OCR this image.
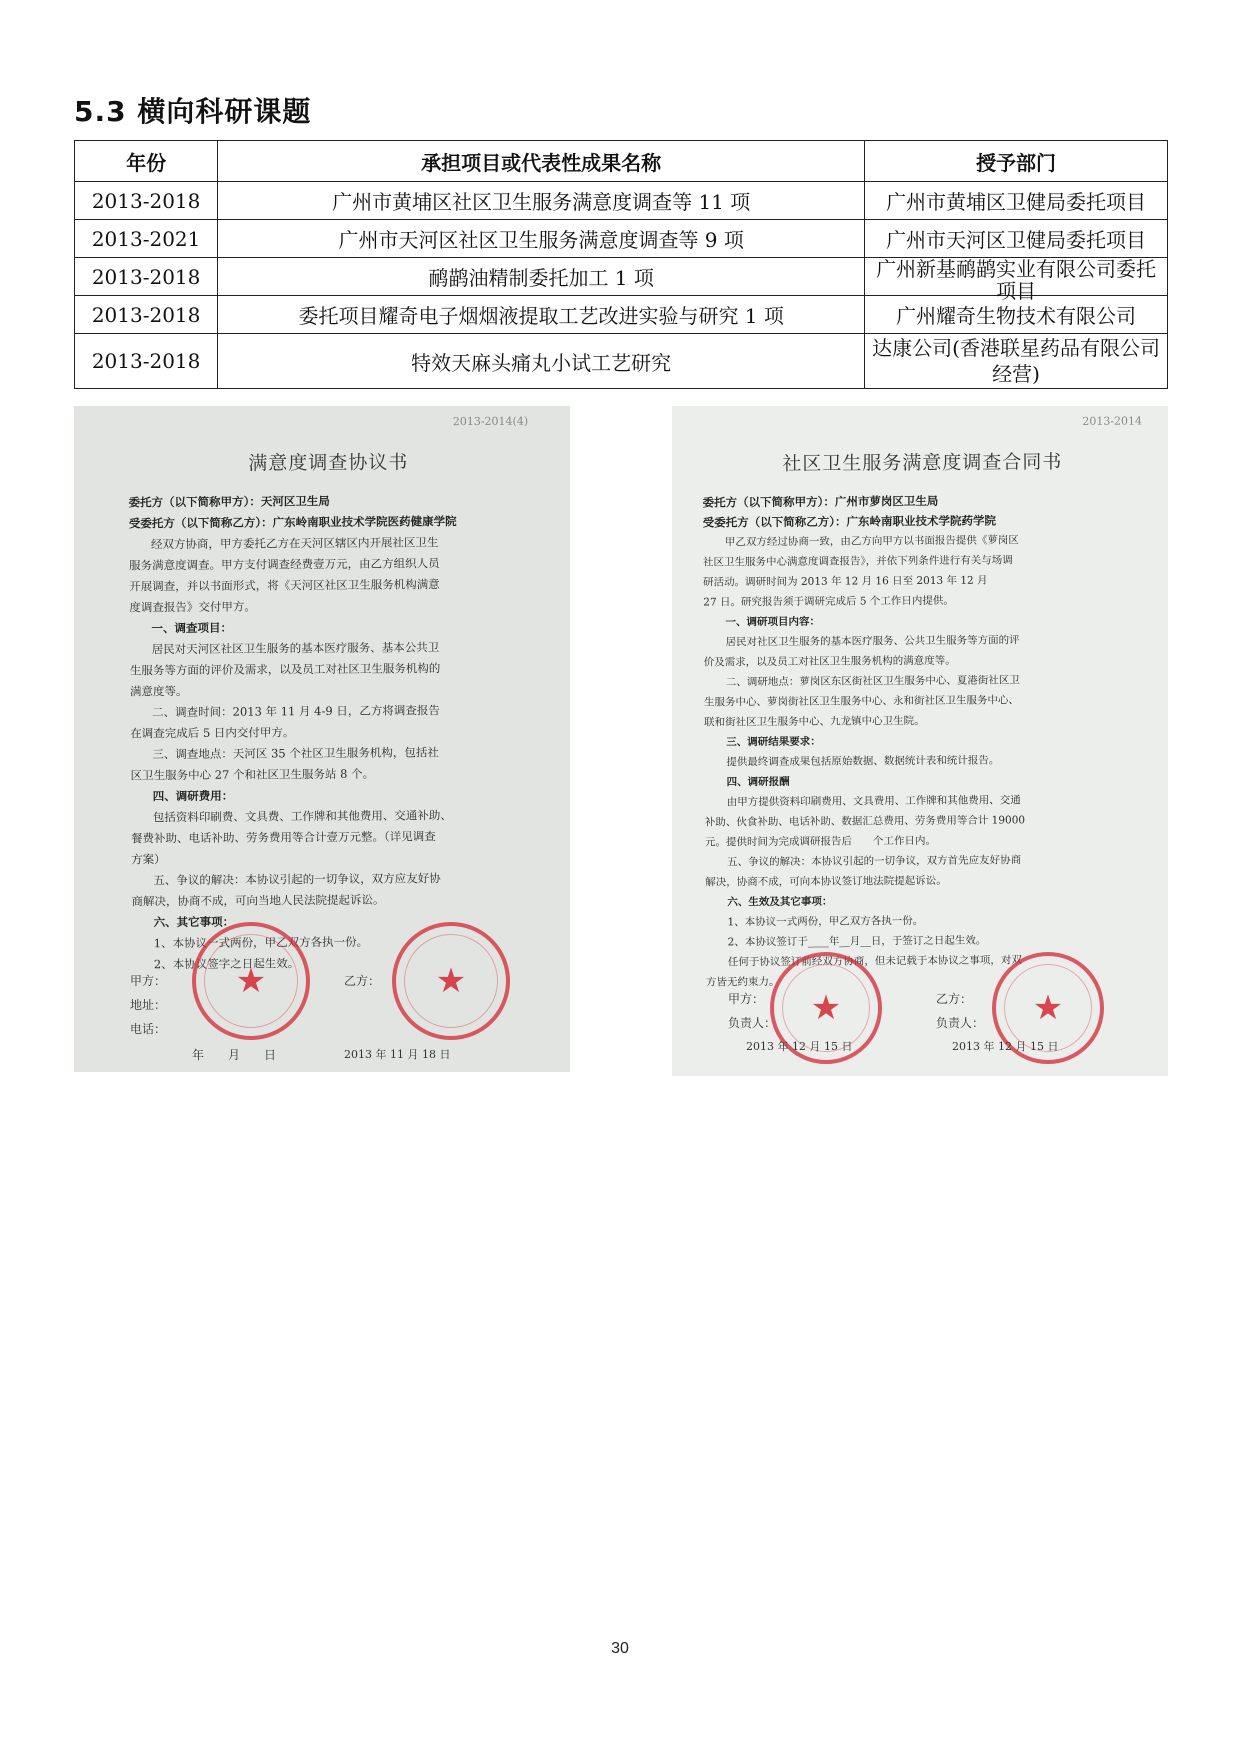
5.3 横向科研课题
年份	承担项目或代表性成果名称	授予部门
2013-2018	广州市黄埔区社区卫生服务满意度调查等 11 项	广州市黄埔区卫健局委托项目
2013-2021	广州市天河区社区卫生服务满意度调查等 9 项	广州市天河区卫健局委托项目
2013-2018	鸸鹋油精制委托加工 1 项	广州新基鸸鹋实业有限公司委托项目

2013-2018	委托项目耀奇电子烟烟液提取工艺改进实验与研究 1 项	广州耀奇生物技术有限公司
2013-2018	特效天麻头痛丸小试工艺研究	达康公司(香港联星药品有限公司经营)
2013-2014(4)
满意度调查协议书
委托方（以下简称甲方）：天河区卫生局
受委托方（以下简称乙方）：广东岭南职业技术学院医药健康学院
经双方协商，甲方委托乙方在天河区辖区内开展社区卫生
服务满意度调查。甲方支付调查经费壹万元，由乙方组织人员
开展调查，并以书面形式，将《天河区社区卫生服务机构满意
度调查报告》交付甲方。
一、调查项目：
居民对天河区社区卫生服务的基本医疗服务、基本公共卫
生服务等方面的评价及需求，以及员工对社区卫生服务机构的
满意度等。
二、调查时间：2013 年 11 月 4-9 日，乙方将调查报告
在调查完成后 5 日内交付甲方。
三、调查地点：天河区 35 个社区卫生服务机构，包括社
区卫生服务中心 27 个和社区卫生服务站 8 个。
四、调研费用：
包括资料印刷费、文具费、工作牌和其他费用、交通补助、
餐费补助、电话补助、劳务费用等合计壹万元整。（详见调查
方案）
五、争议的解决：本协议引起的一切争议，双方应友好协
商解决，协商不成，可向当地人民法院提起诉讼。
六、其它事项：
1、本协议一式两份，甲乙双方各执一份。
2、本协议签字之日起生效。
★	★
甲方：
地址：
电话：
年　　月　　日
乙方：
2013 年 11 月 18 日
2013-2014
社区卫生服务满意度调查合同书
委托方（以下简称甲方）：广州市萝岗区卫生局
受委托方（以下简称乙方）：广东岭南职业技术学院药学院
甲乙双方经过协商一致，由乙方向甲方以书面报告提供《萝岗区
社区卫生服务中心满意度调查报告》，并依下列条件进行有关与场调
研活动。调研时间为 2013 年 12 月 16 日至 2013 年 12 月
27 日。研究报告须于调研完成后 5 个工作日内提供。
一、调研项目内容：
居民对社区卫生服务的基本医疗服务、公共卫生服务等方面的评
价及需求，以及员工对社区卫生服务机构的满意度等。
二、调研地点：萝岗区东区街社区卫生服务中心、夏港街社区卫
生服务中心、萝岗街社区卫生服务中心、永和街社区卫生服务中心、
联和街社区卫生服务中心、九龙镇中心卫生院。
三、调研结果要求：
提供最终调查成果包括原始数据、数据统计表和统计报告。
四、调研报酬
由甲方提供资料印刷费用、文具费用、工作牌和其他费用、交通
补助、伙食补助、电话补助、数据汇总费用、劳务费用等合计 19000
元。提供时间为完成调研报告后　　个工作日内。
五、争议的解决：本协议引起的一切争议，双方首先应友好协商
解决，协商不成，可向本协议签订地法院提起诉讼。
六、生效及其它事项：
1、本协议一式两份，甲乙双方各执一份。
2、本协议签订于____年__月__日，于签订之日起生效。
任何于协议签订前经双方协商，但未记载于本协议之事项，对双
方皆无约束力。
★	★
甲方：
负责人：
2013 年 12 月 15 日
乙方：
负责人：
2013 年 12 月 15 日
30
